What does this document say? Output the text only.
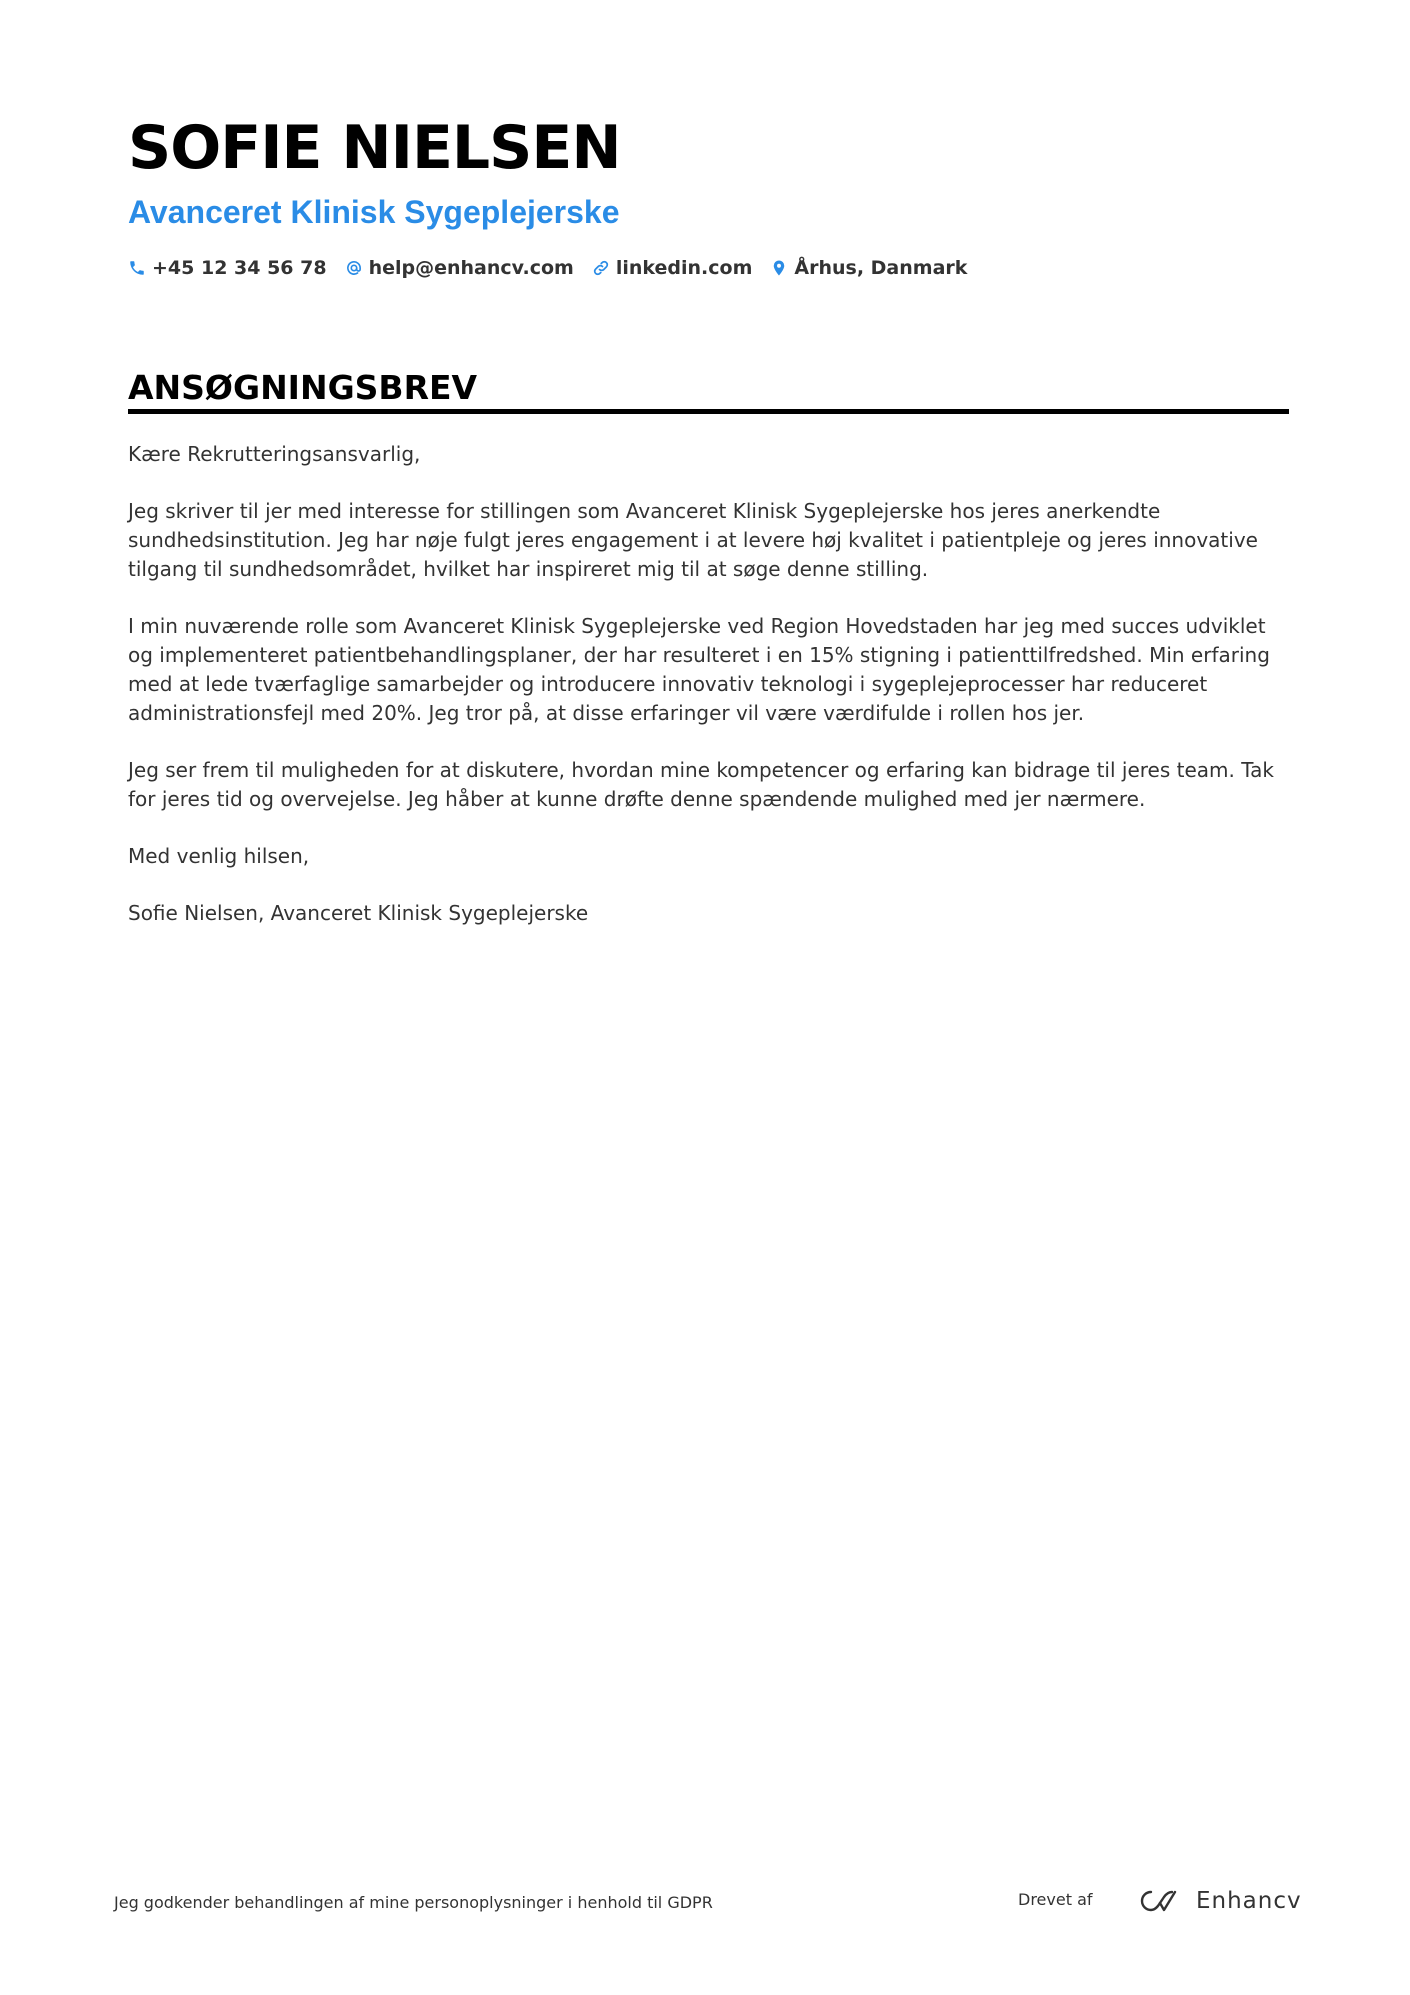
SOFIE NIELSEN
Avanceret Klinisk Sygeplejerske
+45 12 34 56 78 help@enhancv.com linkedin.com Århus, Danmark
ANSØGNINGSBREV

Kære Rekrutteringsansvarlig,

Jeg skriver til jer med interesse for stillingen som Avanceret Klinisk Sygeplejerske hos jeres anerkendte sundhedsinstitution. Jeg har nøje fulgt jeres engagement i at levere høj kvalitet i patientpleje og jeres innovative tilgang til sundhedsområdet, hvilket har inspireret mig til at søge denne stilling.

I min nuværende rolle som Avanceret Klinisk Sygeplejerske ved Region Hovedstaden har jeg med succes udviklet og implementeret patientbehandlingsplaner, der har resulteret i en 15% stigning i patienttilfredshed. Min erfaring med at lede tværfaglige samarbejder og introducere innovativ teknologi i sygeplejeprocesser har reduceret administrationsfejl med 20%. Jeg tror på, at disse erfaringer vil være værdifulde i rollen hos jer.

Jeg ser frem til muligheden for at diskutere, hvordan mine kompetencer og erfaring kan bidrage til jeres team. Tak for jeres tid og overvejelse. Jeg håber at kunne drøfte denne spændende mulighed med jer nærmere.

Med venlig hilsen,

Sofie Nielsen, Avanceret Klinisk Sygeplejerske

Jeg godkender behandlingen af mine personoplysninger i henhold til GDPR	Drevet af	Enhancv
